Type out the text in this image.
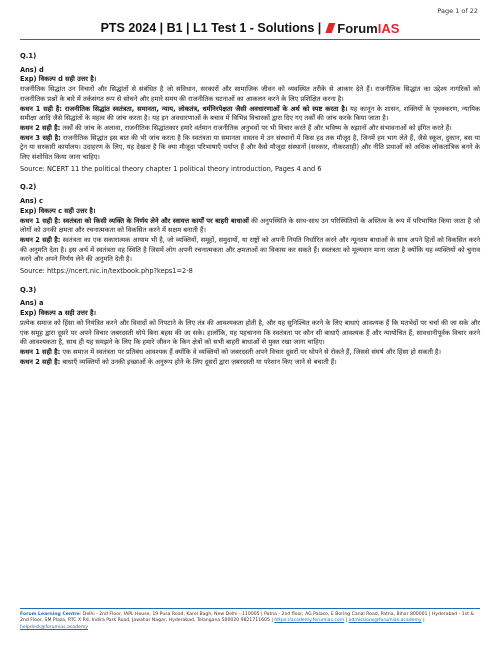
Page 1 of 22
PTS 2024 | B1 | L1 Test 1 - Solutions | ForumIAS
Q.1)
Ans) d
Exp) विकल्प d सही उत्तर है।
राजनीतिक सिद्धांत उन विचारों और सिद्धांतों से संबंधित है जो संविधान, सरकारों और सामाजिक जीवन को व्यवस्थित तरीके से आकार देते हैं। राजनीतिक सिद्धांत का उद्देश्य नागरिकों को राजनीतिक प्रश्नों के बारे में तर्कसंगत रूप से सोचने और हमारे समय की राजनीतिक घटनाओं का आकलन करने के लिए प्रशिक्षित करना है।
कथन 1 सही है: राजनीतिक सिद्धांत स्वतंत्रता, समानता, न्याय, लोकतंत्र, धर्मनिरपेक्षता जैसी अवधारणाओं के अर्थ को स्पष्ट करता है। यह कानून के शासन, शक्तियों के पृथक्करण, न्यायिक समीक्षा आदि जैसे सिद्धांतों के महत्व की जांच करता है। यह इन अवधारणाओं के बचाव में विभिन्न विचारकों द्वारा दिए गए तर्कों की जांच करके किया जाता है।
कथन 2 सही है: तर्कों की जांच के अलावा, राजनीतिक सिद्धांतकार हमारे वर्तमान राजनीतिक अनुभवों पर भी विचार करते हैं और भविष्य के रुझानों और संभावनाओं को इंगित करते हैं।
कथन 3 सही है: राजनीतिक सिद्धांत इस बात की भी जांच करता है कि स्वतंत्रता या समानता वास्तव में उन संस्थानों में किस हद तक मौजूद है, जिनमें हम भाग लेते हैं, जैसे स्कूल, दुकान, बस या ट्रेन या सरकारी कार्यालय। उदाहरण के लिए, यह देखता है कि क्या मौजूदा परिभाषाएँ पर्याप्त हैं और कैसे मौजूदा संस्थानों (सरकार, नौकरशाही) और नीति प्रथाओं को अधिक लोकतांत्रिक बनने के लिए संशोधित किया जाना चाहिए।
Source: NCERT 11 the political theory chapter 1 political theory introduction, Pages 4 and 6
Q.2)
Ans) c
Exp) विकल्प c सही उत्तर है।
कथन 1 सही है: स्वतंत्रता को किसी व्यक्ति के निर्णय लेने और स्वायत्त कार्यों पर बाहरी बाधाओं की अनुपस्थिति के साथ-साथ उन परिस्थितियों के अस्तित्व के रूप में परिभाषित किया जाता है जो लोगों को उनकी क्षमता और रचनात्मकता को विकसित करने में सक्षम बनाती हैं।
कथन 2 सही है: स्वतंत्रता का एक सकारात्मक आयाम भी है, जो व्यक्तियों, समूहों, समुदायों, या राष्ट्रों को अपनी नियति निर्धारित करने और न्यूनतम बाधाओं के साथ अपने हितों को विकसित करने की अनुमति देता है। इस अर्थ में स्वतंत्रता वह स्थिति है जिसमें लोग अपनी रचनात्मकता और क्षमताओं का विकास कर सकते हैं। स्वतंत्रता को मूल्यवान माना जाता है क्योंकि यह व्यक्तियों को चुनाव करने और अपने निर्णय लेने की अनुमति देती है।
Source: https://ncert.nic.in/textbook.php?keps1=2-8
Q.3)
Ans) a
Exp) विकल्प a सही उत्तर है।
प्रत्येक समाज को हिंसा को नियंत्रित करने और विवादों को निपटाने के लिए तंत्र की आवश्यकता होती है, और यह सुनिश्चित करने के लिए बाधाएं आवश्यक हैं कि मतभेदों पर चर्चा की जा सके और एक समूह द्वारा दूसरे पर अपने विचार जबरदस्ती थोपे बिना बहस की जा सके। हालाँकि, यह पहचानना कि स्वतंत्रता पर कौन सी बाधाएँ आवश्यक हैं और न्यायोचित हैं, सावधानीपूर्वक विचार करने की आवश्यकता है, साथ ही यह समझने के लिए कि हमारे जीवन के किन क्षेत्रों को सभी बाहरी बाधाओं से मुक्त रखा जाना चाहिए।
कथन 1 सही है: एक समाज में स्वतंत्रता पर प्रतिबंध आवश्यक हैं क्योंकि वे व्यक्तियों को जबरदस्ती अपने विचार दूसरों पर थोपने से रोकते हैं, जिससे संघर्ष और हिंसा हो सकती है।
कथन 2 सही है: बाधाएँ व्यक्तियों को उनकी इच्छाओं के अनुरूप होने के लिए दूसरों द्वारा ज़बरदस्ती या परेशान किए जाने से बचाती हैं।
Forum Learning Centre: Delhi - 2nd Floor, IAPL House, 19 Pusa Road, Karol Bagh, New Delhi - 110005 | Patna - 2nd floor, AG Palace, E Boring Canal Road, Patna, Bihar 800001 | Hyderabad - 1st & 2nd Floor, SM Plaza, RTC X Rd, Indira Park Road, Jawahar Nagar, Hyderabad, Telangana 500020 9821711605 | https://academy.forumias.com | admissions@forumias.academy | helpdesk@forumias.academy
